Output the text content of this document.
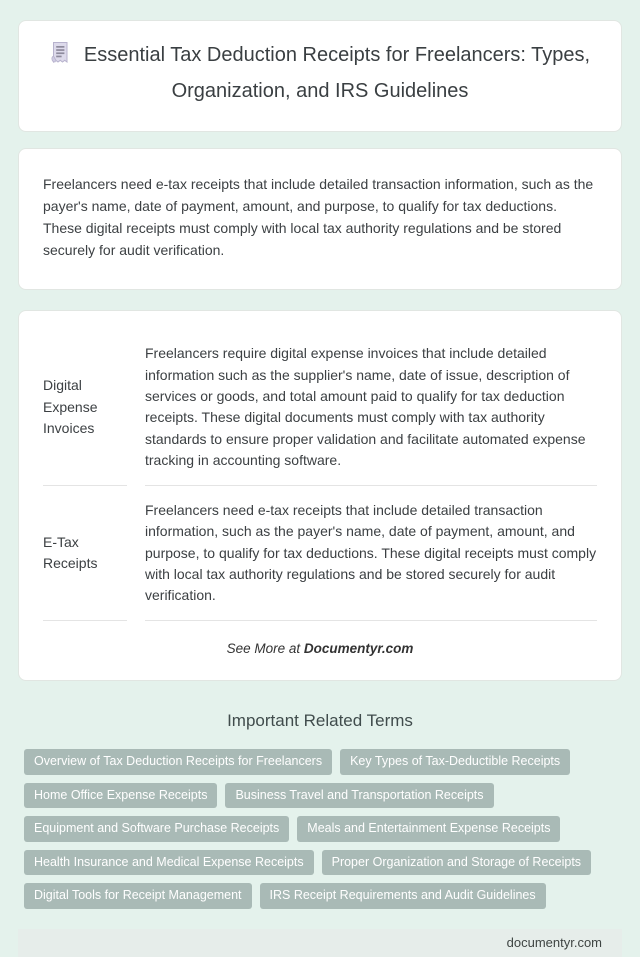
Essential Tax Deduction Receipts for Freelancers: Types, Organization, and IRS Guidelines

Freelancers need e-tax receipts that include detailed transaction information, such as the payer's name, date of payment, amount, and purpose, to qualify for tax deductions. These digital receipts must comply with local tax authority regulations and be stored securely for audit verification.

Digital Expense Invoices
Freelancers require digital expense invoices that include detailed information such as the supplier's name, date of issue, description of services or goods, and total amount paid to qualify for tax deduction receipts. These digital documents must comply with tax authority standards to ensure proper validation and facilitate automated expense tracking in accounting software.
E-Tax Receipts
Freelancers need e-tax receipts that include detailed transaction information, such as the payer's name, date of payment, amount, and purpose, to qualify for tax deductions. These digital receipts must comply with local tax authority regulations and be stored securely for audit verification.
See More at Documentyr.com
Important Related Terms
Overview of Tax Deduction Receipts for Freelancers	Key Types of Tax-Deductible Receipts
Home Office Expense Receipts	Business Travel and Transportation Receipts
Equipment and Software Purchase Receipts	Meals and Entertainment Expense Receipts
Health Insurance and Medical Expense Receipts	Proper Organization and Storage of Receipts
Digital Tools for Receipt Management	IRS Receipt Requirements and Audit Guidelines
documentyr.com
